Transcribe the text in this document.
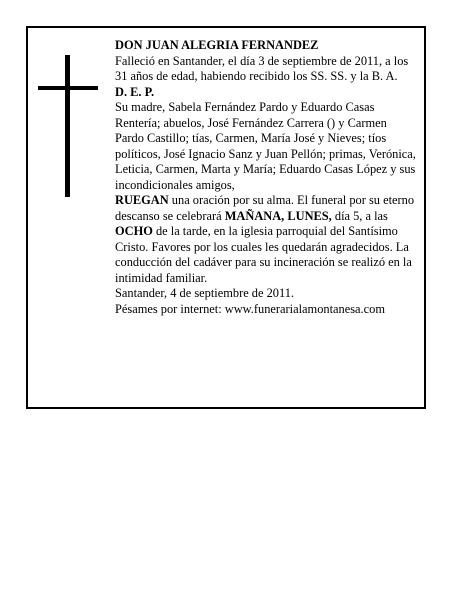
DON JUAN ALEGRIA FERNANDEZ

Falleció en Santander, el día 3 de septiembre de 2011, a los 31 años de edad, habiendo recibido los SS. SS. y la B. A.

D. E. P.

Su madre, Sabela Fernández Pardo y Eduardo Casas Rentería; abuelos, José Fernández Carrera () y Carmen Pardo Castillo; tías, Carmen, María José y Nieves; tíos políticos, José Ignacio Sanz y Juan Pellón; primas, Verónica, Leticia, Carmen, Marta y María; Eduardo Casas López y sus incondicionales amigos,

RUEGAN una oración por su alma. El funeral por su eterno descanso se celebrará MAÑANA, LUNES, día 5, a las OCHO de la tarde, en la iglesia parroquial del Santísimo Cristo. Favores por los cuales les quedarán agradecidos. La conducción del cadáver para su incineración se realizó en la intimidad familiar.

Santander, 4 de septiembre de 2011.

Pésames por internet: www.funerarialamontanesa.com
